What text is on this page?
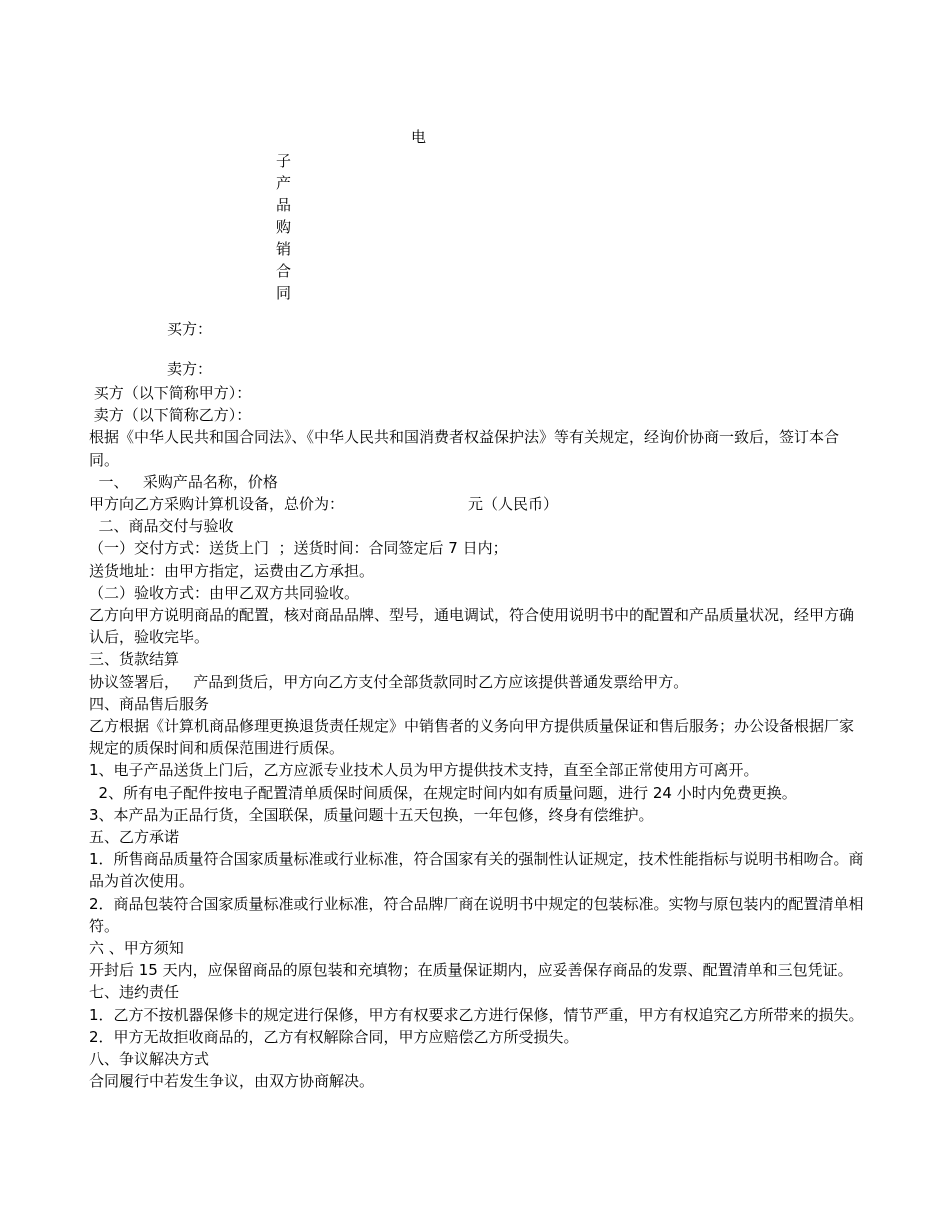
电
子
产
品
购
销
合
同
买方：
卖方：

买方（以下简称甲方）：

卖方（以下简称乙方）：

根据《中华人民共和国合同法》、《中华人民共和国消费者权益保护法》等有关规定，经询价协商一致后，签订本合同。

一、   采购产品名称，价格

甲方向乙方采购计算机设备，总价为：                          元（人民币）

二、商品交付与验收

（一）交付方式：送货上门  ；送货时间：合同签定后 7 日内；

送货地址：由甲方指定，运费由乙方承担。

（二）验收方式：由甲乙双方共同验收。

乙方向甲方说明商品的配置，核对商品品牌、型号，通电调试，符合使用说明书中的配置和产品质量状况，经甲方确认后，验收完毕。

三、货款结算

协议签署后，   产品到货后，甲方向乙方支付全部货款同时乙方应该提供普通发票给甲方。

四、商品售后服务

乙方根据《计算机商品修理更换退货责任规定》中销售者的义务向甲方提供质量保证和售后服务；办公设备根据厂家规定的质保时间和质保范围进行质保。

1、电子产品送货上门后，乙方应派专业技术人员为甲方提供技术支持，直至全部正常使用方可离开。

2、所有电子配件按电子配置清单质保时间质保，在规定时间内如有质量问题，进行 24 小时内免费更换。

3、本产品为正品行货，全国联保，质量问题十五天包换，一年包修，终身有偿维护。

五、乙方承诺

1．所售商品质量符合国家质量标准或行业标准，符合国家有关的强制性认证规定，技术性能指标与说明书相吻合。商品为首次使用。

2．商品包装符合国家质量标准或行业标准，符合品牌厂商在说明书中规定的包装标准。实物与原包装内的配置清单相符。

六 、甲方须知

开封后 15 天内，应保留商品的原包装和充填物；在质量保证期内，应妥善保存商品的发票、配置清单和三包凭证。

七、违约责任

1．乙方不按机器保修卡的规定进行保修，甲方有权要求乙方进行保修，情节严重，甲方有权追究乙方所带来的损失。

2．甲方无故拒收商品的，乙方有权解除合同，甲方应赔偿乙方所受损失。

八、争议解决方式

合同履行中若发生争议，由双方协商解决。
